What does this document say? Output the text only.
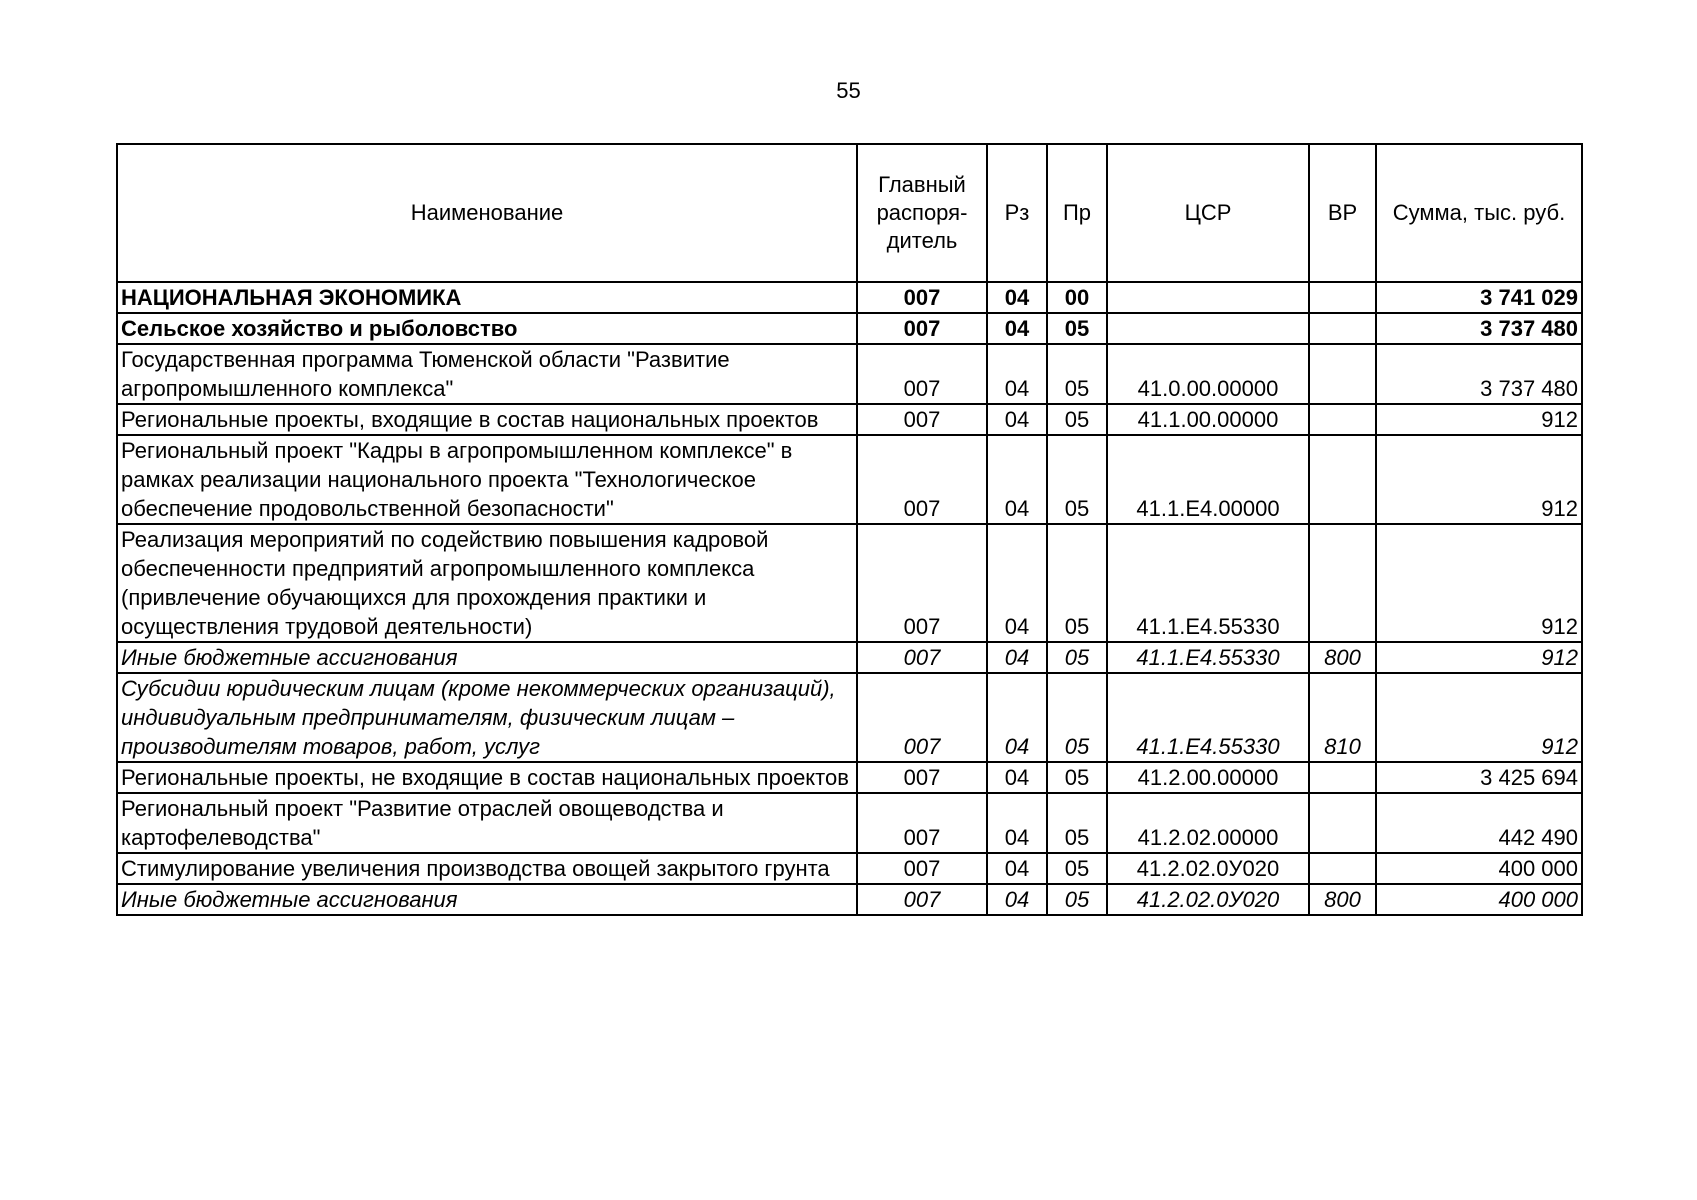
55
Наименование	Главный распоря-дитель	Рз	Пр	ЦСР	ВР	Сумма, тыс. руб.
НАЦИОНАЛЬНАЯ ЭКОНОМИКА	007	04	00			3 741 029
Сельское хозяйство и рыболовство	007	04	05			3 737 480
Государственная программа Тюменской области "Развитие агропромышленного комплекса"	007	04	05	41.0.00.00000		3 737 480
Региональные проекты, входящие в состав национальных проектов	007	04	05	41.1.00.00000		912
Региональный проект "Кадры в агропромышленном комплексе" в рамках реализации национального проекта "Технологическое обеспечение продовольственной безопасности"	007	04	05	41.1.Е4.00000		912
Реализация мероприятий по содействию повышения кадровой обеспеченности предприятий агропромышленного комплекса (привлечение обучающихся для прохождения практики и осуществления трудовой деятельности)	007	04	05	41.1.Е4.55330		912
Иные бюджетные ассигнования	007	04	05	41.1.Е4.55330	800	912
Субсидии юридическим лицам (кроме некоммерческих организаций), индивидуальным предпринимателям, физическим лицам – производителям товаров, работ, услуг	007	04	05	41.1.Е4.55330	810	912
Региональные проекты, не входящие в состав национальных проектов	007	04	05	41.2.00.00000		3 425 694
Региональный проект "Развитие отраслей овощеводства и картофелеводства"	007	04	05	41.2.02.00000		442 490
Стимулирование увеличения производства овощей закрытого грунта	007	04	05	41.2.02.0У020		400 000
Иные бюджетные ассигнования	007	04	05	41.2.02.0У020	800	400 000
